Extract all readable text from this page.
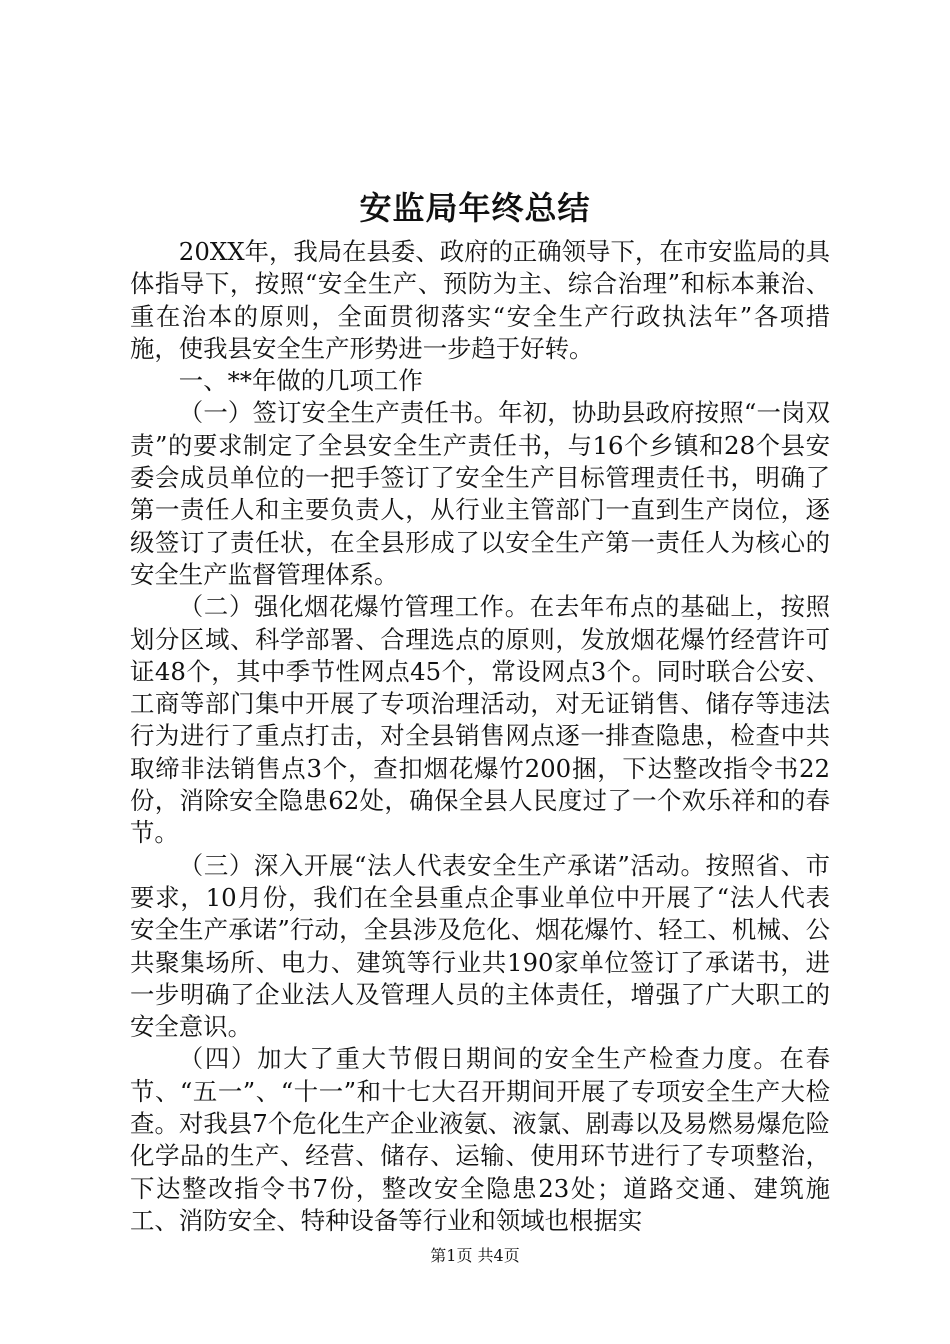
安监局年终总结

20XX年，我局在县委、政府的正确领导下，在市安监局的具体指导下，按照“安全生产、预防为主、综合治理”和标本兼治、重在治本的原则，全面贯彻落实“安全生产行政执法年”各项措施，使我县安全生产形势进一步趋于好转。

一、**年做的几项工作

（一）签订安全生产责任书。年初，协助县政府按照“一岗双责”的要求制定了全县安全生产责任书，与16个乡镇和28个县安委会成员单位的一把手签订了安全生产目标管理责任书，明确了第一责任人和主要负责人，从行业主管部门一直到生产岗位，逐级签订了责任状，在全县形成了以安全生产第一责任人为核心的安全生产监督管理体系。

（二）强化烟花爆竹管理工作。在去年布点的基础上，按照划分区域、科学部署、合理选点的原则，发放烟花爆竹经营许可证48个，其中季节性网点45个，常设网点3个。同时联合公安、工商等部门集中开展了专项治理活动，对无证销售、储存等违法行为进行了重点打击，对全县销售网点逐一排查隐患，检查中共取缔非法销售点3个，查扣烟花爆竹200捆，下达整改指令书22份，消除安全隐患62处，确保全县人民度过了一个欢乐祥和的春节。

（三）深入开展“法人代表安全生产承诺”活动。按照省、市要求，10月份，我们在全县重点企事业单位中开展了“法人代表安全生产承诺”行动，全县涉及危化、烟花爆竹、轻工、机械、公共聚集场所、电力、建筑等行业共190家单位签订了承诺书，进一步明确了企业法人及管理人员的主体责任，增强了广大职工的安全意识。

（四）加大了重大节假日期间的安全生产检查力度。在春节、“五一”、“十一”和十七大召开期间开展了专项安全生产大检查。对我县7个危化生产企业液氨、液氯、剧毒以及易燃易爆危险化学品的生产、经营、储存、运输、使用环节进行了专项整治，下达整改指令书7份，整改安全隐患23处；道路交通、建筑施工、消防安全、特种设备等行业和领域也根据实

第1页 共4页
